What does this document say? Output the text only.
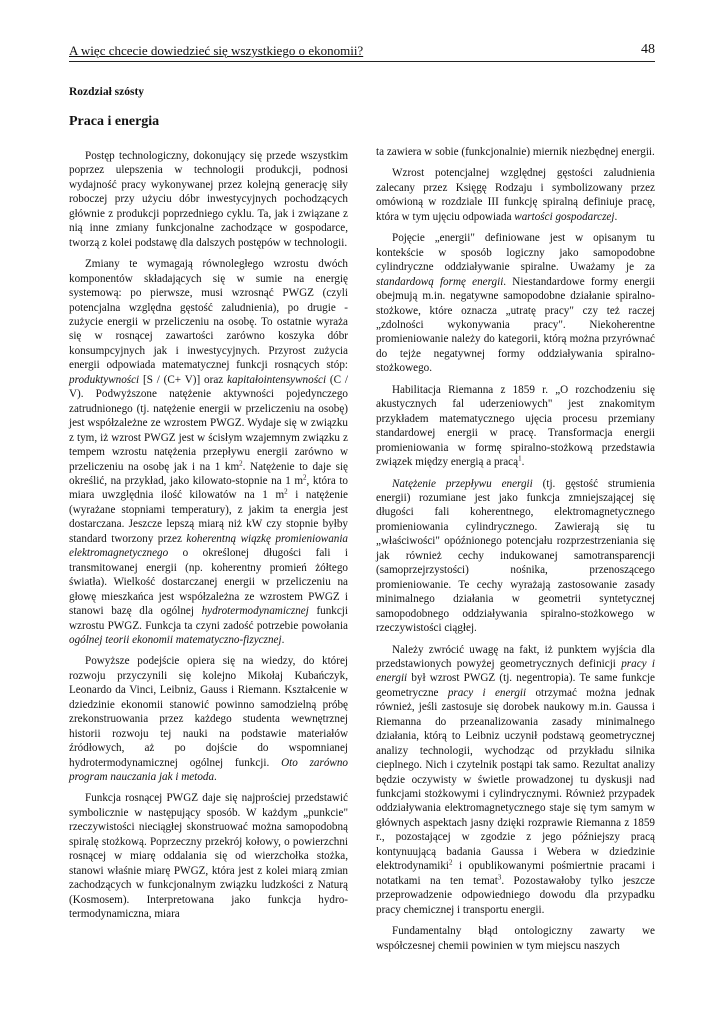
A więc chcecie dowiedzieć się wszystkiego o ekonomii?	48
Rozdział szósty
Praca i energia

Postęp technologiczny, dokonujący się przede wszystkim poprzez ulepszenia w technologii produkcji, podnosi wydajność pracy wykonywanej przez kolejną generację siły roboczej przy użyciu dóbr inwestycyjnych pochodzących głównie z produkcji poprzedniego cyklu. Ta, jak i związane z nią inne zmiany funkcjonalne zachodzące w gospodarce, tworzą z kolei podstawę dla dalszych postępów w technologii.

Zmiany te wymagają równoległego wzrostu dwóch komponentów składających się w sumie na energię systemową: po pierwsze, musi wzrosnąć PWGZ (czyli potencjalna względna gęstość zaludnienia), po drugie - zużycie energii w przeliczeniu na osobę. To ostatnie wyraża się w rosnącej zawartości zarówno koszyka dóbr konsumpcyjnych jak i inwestycyjnych. Przyrost zużycia energii odpowiada matematycznej funkcji rosnących stóp: produktywności [S / (C+ V)] oraz kapitałointensywności (C / V). Podwyższone natężenie aktywności pojedynczego zatrudnionego (tj. natężenie energii w przeliczeniu na osobę) jest współzależne ze wzrostem PWGZ. Wydaje się w związku z tym, iż wzrost PWGZ jest w ścisłym wzajemnym związku z tempem wzrostu natężenia przepływu energii zarówno w przeliczeniu na osobę jak i na 1 $km^2$. Natężenie to daje się określić, na przykład, jako kilowato-stopnie na 1 $m^2$, która to miara uwzględnia ilość kilowatów na 1 $m^2$ i natężenie (wyrażane stopniami temperatury), z jakim ta energia jest dostarczana. Jeszcze lepszą miarą niż kW czy stopnie byłby standard tworzony przez koherentną wiązkę promieniowania elektromagnetycznego o określonej długości fali i transmitowanej energii (np. koherentny promień żółtego światła). Wielkość dostarczanej energii w przeliczeniu na głowę mieszkańca jest współzależna ze wzrostem PWGZ i stanowi bazę dla ogólnej hydrotermodynamicznej funkcji wzrostu PWGZ. Funkcja ta czyni zadość potrzebie powołania ogólnej teorii ekonomii matematyczno-fizycznej.

Powyższe podejście opiera się na wiedzy, do której rozwoju przyczynili się kolejno Mikołaj Kubańczyk, Leonardo da Vinci, Leibniz, Gauss i Riemann. Kształcenie w dziedzinie ekonomii stanowić powinno samodzielną próbę zrekonstruowania przez każdego studenta wewnętrznej historii rozwoju tej nauki na podstawie materiałów źródłowych, aż po dojście do wspomnianej hydrotermodynamicznej ogólnej funkcji. Oto zarówno program nauczania jak i metoda.

Funkcja rosnącej PWGZ daje się najprościej przedstawić symbolicznie w następujący sposób. W każdym „punkcie" rzeczywistości nieciągłej skonstruować można samopodobną spiralę stożkową. Poprzeczny przekrój kołowy, o powierzchni rosnącej w miarę oddalania się od wierzchołka stożka, stanowi właśnie miarę PWGZ, która jest z kolei miarą zmian zachodzących w funkcjonalnym związku ludzkości z Naturą (Kosmosem). Interpretowana jako funkcja hydro-termodynamiczna, miara

ta zawiera w sobie (funkcjonalnie) miernik niezbędnej energii.

Wzrost potencjalnej względnej gęstości zaludnienia zalecany przez Księgę Rodzaju i symbolizowany przez omówioną w rozdziale III funkcję spiralną definiuje pracę, która w tym ujęciu odpowiada wartości gospodarczej.

Pojęcie „energii" definiowane jest w opisanym tu kontekście w sposób logiczny jako samopodobne cylindryczne oddziaływanie spiralne. Uważamy je za standardową formę energii. Niestandardowe formy energii obejmują m.in. negatywne samopodobne działanie spiralno-stożkowe, które oznacza „utratę pracy" czy też raczej „zdolności wykonywania pracy". Niekoherentne promieniowanie należy do kategorii, którą można przyrównać do tejże negatywnej formy oddziaływania spiralno-stożkowego.

Habilitacja Riemanna z 1859 r. „O rozchodzeniu się akustycznych fal uderzeniowych" jest znakomitym przykładem matematycznego ujęcia procesu przemiany standardowej energii w pracę. Transformacja energii promieniowania w formę spiralno-stożkową przedstawia związek między energią a pracą$^1$.

Natężenie przepływu energii (tj. gęstość strumienia energii) rozumiane jest jako funkcja zmniejszającej się długości fali koherentnego, elektromagnetycznego promieniowania cylindrycznego. Zawierają się tu „właściwości" opóźnionego potencjału rozprzestrzeniania się jak również cechy indukowanej samotransparencji (samoprzejrzystości) nośnika, przenoszącego promieniowanie. Te cechy wyrażają zastosowanie zasady minimalnego działania w geometrii syntetycznej samopodobnego oddziaływania spiralno-stożkowego w rzeczywistości ciągłej.

Należy zwrócić uwagę na fakt, iż punktem wyjścia dla przedstawionych powyżej geometrycznych definicji pracy i energii był wzrost PWGZ (tj. negentropia). Te same funkcje geometryczne pracy i energii otrzymać można jednak również, jeśli zastosuje się dorobek naukowy m.in. Gaussa i Riemanna do przeanalizowania zasady minimalnego działania, którą to Leibniz uczynił podstawą geometrycznej analizy technologii, wychodząc od przykładu silnika cieplnego. Nich i czytelnik postąpi tak samo. Rezultat analizy będzie oczywisty w świetle prowadzonej tu dyskusji nad funkcjami stożkowymi i cylindrycznymi. Również przypadek oddziaływania elektromagnetycznego staje się tym samym w głównych aspektach jasny dzięki rozprawie Riemanna z 1859 r., pozostającej w zgodzie z jego późniejszy pracą kontynuującą badania Gaussa i Webera w dziedzinie elektrodynamiki$^2$ i opublikowanymi pośmiertnie pracami i notatkami na ten temat$^3$. Pozostawałoby tylko jeszcze przeprowadzenie odpowiedniego dowodu dla przypadku pracy chemicznej i transportu energii.

Fundamentalny błąd ontologiczny zawarty we współczesnej chemii powinien w tym miejscu naszych
